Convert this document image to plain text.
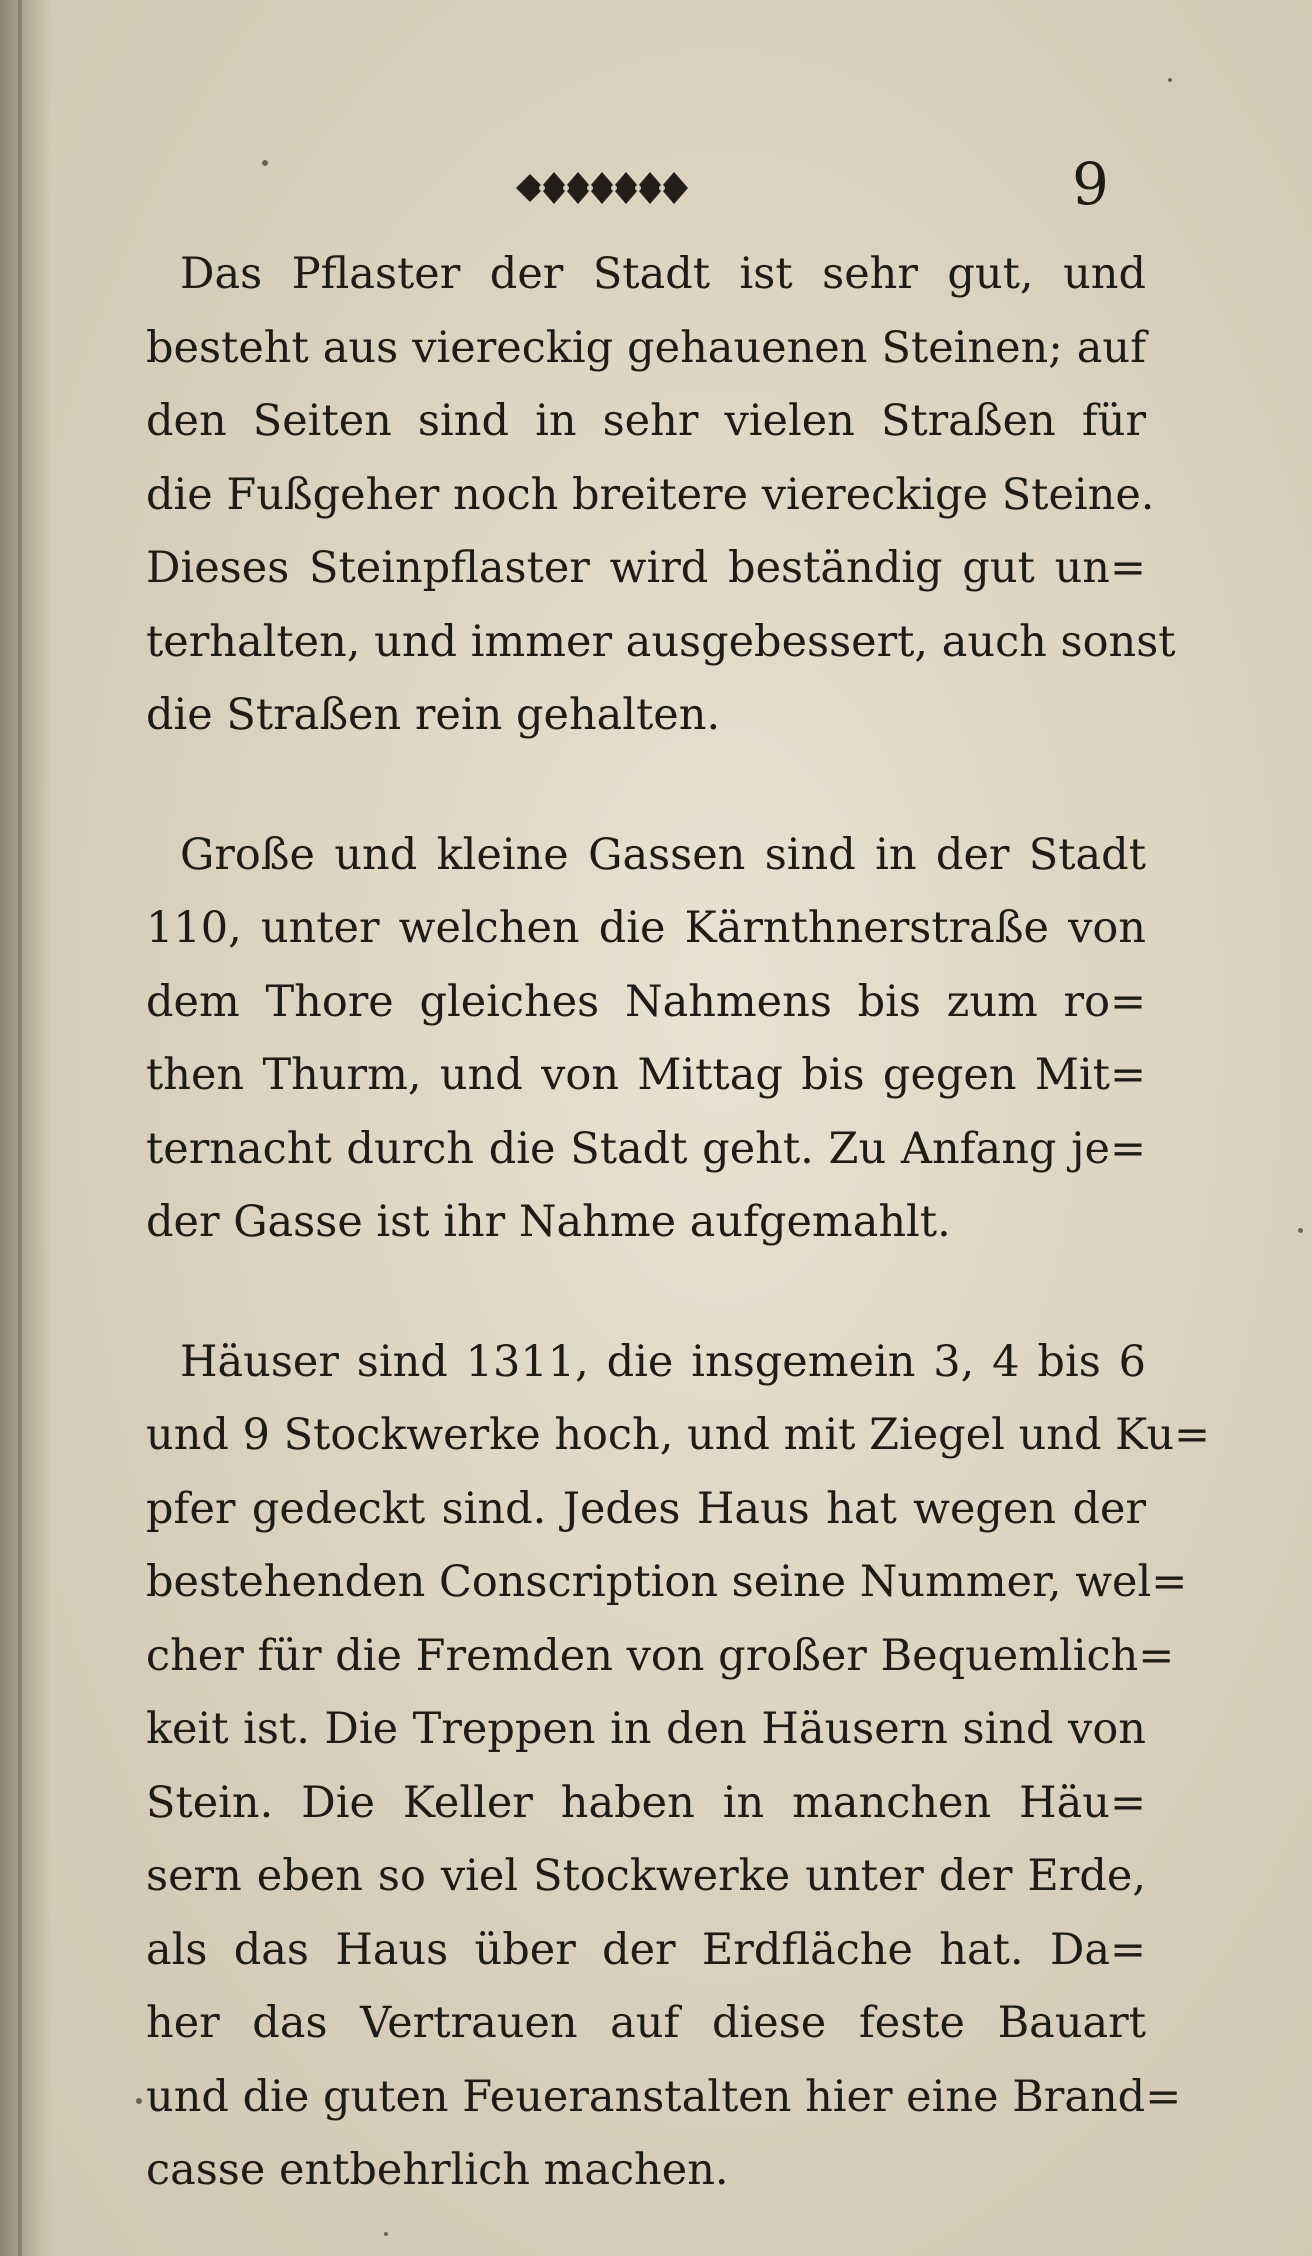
9
Das Pflaster der Stadt ist sehr gut, und
besteht aus viereckig gehauenen Steinen; auf
den Seiten sind in sehr vielen Straßen für
die Fußgeher noch breitere viereckige Steine.
Dieses Steinpflaster wird beständig gut un=
terhalten, und immer ausgebessert, auch sonst
die Straßen rein gehalten.
Große und kleine Gassen sind in der Stadt
110, unter welchen die Kärnthnerstraße von
dem Thore gleiches Nahmens bis zum ro=
then Thurm, und von Mittag bis gegen Mit=
ternacht durch die Stadt geht. Zu Anfang je=
der Gasse ist ihr Nahme aufgemahlt.
Häuser sind 1311, die insgemein 3, 4 bis 6
und 9 Stockwerke hoch, und mit Ziegel und Ku=
pfer gedeckt sind. Jedes Haus hat wegen der
bestehenden Conscription seine Nummer, wel=
cher für die Fremden von großer Bequemlich=
keit ist. Die Treppen in den Häusern sind von
Stein. Die Keller haben in manchen Häu=
sern eben so viel Stockwerke unter der Erde,
als das Haus über der Erdfläche hat. Da=
her das Vertrauen auf diese feste Bauart
und die guten Feueranstalten hier eine Brand=
casse entbehrlich machen.
